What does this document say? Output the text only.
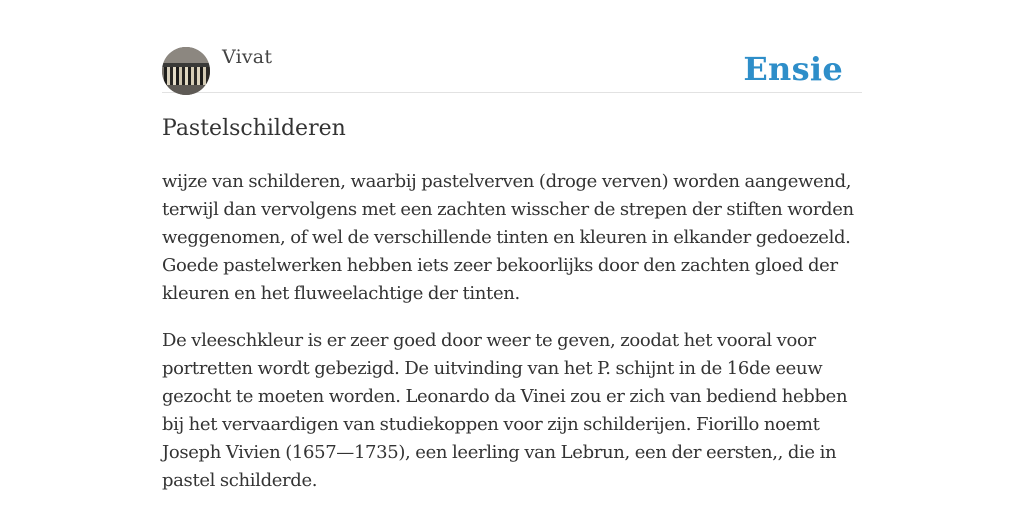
Vivat	Ensie
Pastelschilderen

wijze van schilderen, waarbij pastelverven (droge verven) worden aangewend, terwijl dan vervolgens met een zachten wisscher de strepen der stiften worden weggenomen, of wel de verschillende tinten en kleuren in elkander gedoezeld. Goede pastelwerken hebben iets zeer bekoorlijks door den zachten gloed der kleuren en het fluweelachtige der tinten.

De vleeschkleur is er zeer goed door weer te geven, zoodat het vooral voor portretten wordt gebezigd. De uitvinding van het P. schijnt in de 16de eeuw gezocht te moeten worden. Leonardo da Vinei zou er zich van bediend hebben bij het vervaardigen van studiekoppen voor zijn schilderijen. Fiorillo noemt Joseph Vivien (1657—1735), een leerling van Lebrun, een der eersten,, die in pastel schilderde.
